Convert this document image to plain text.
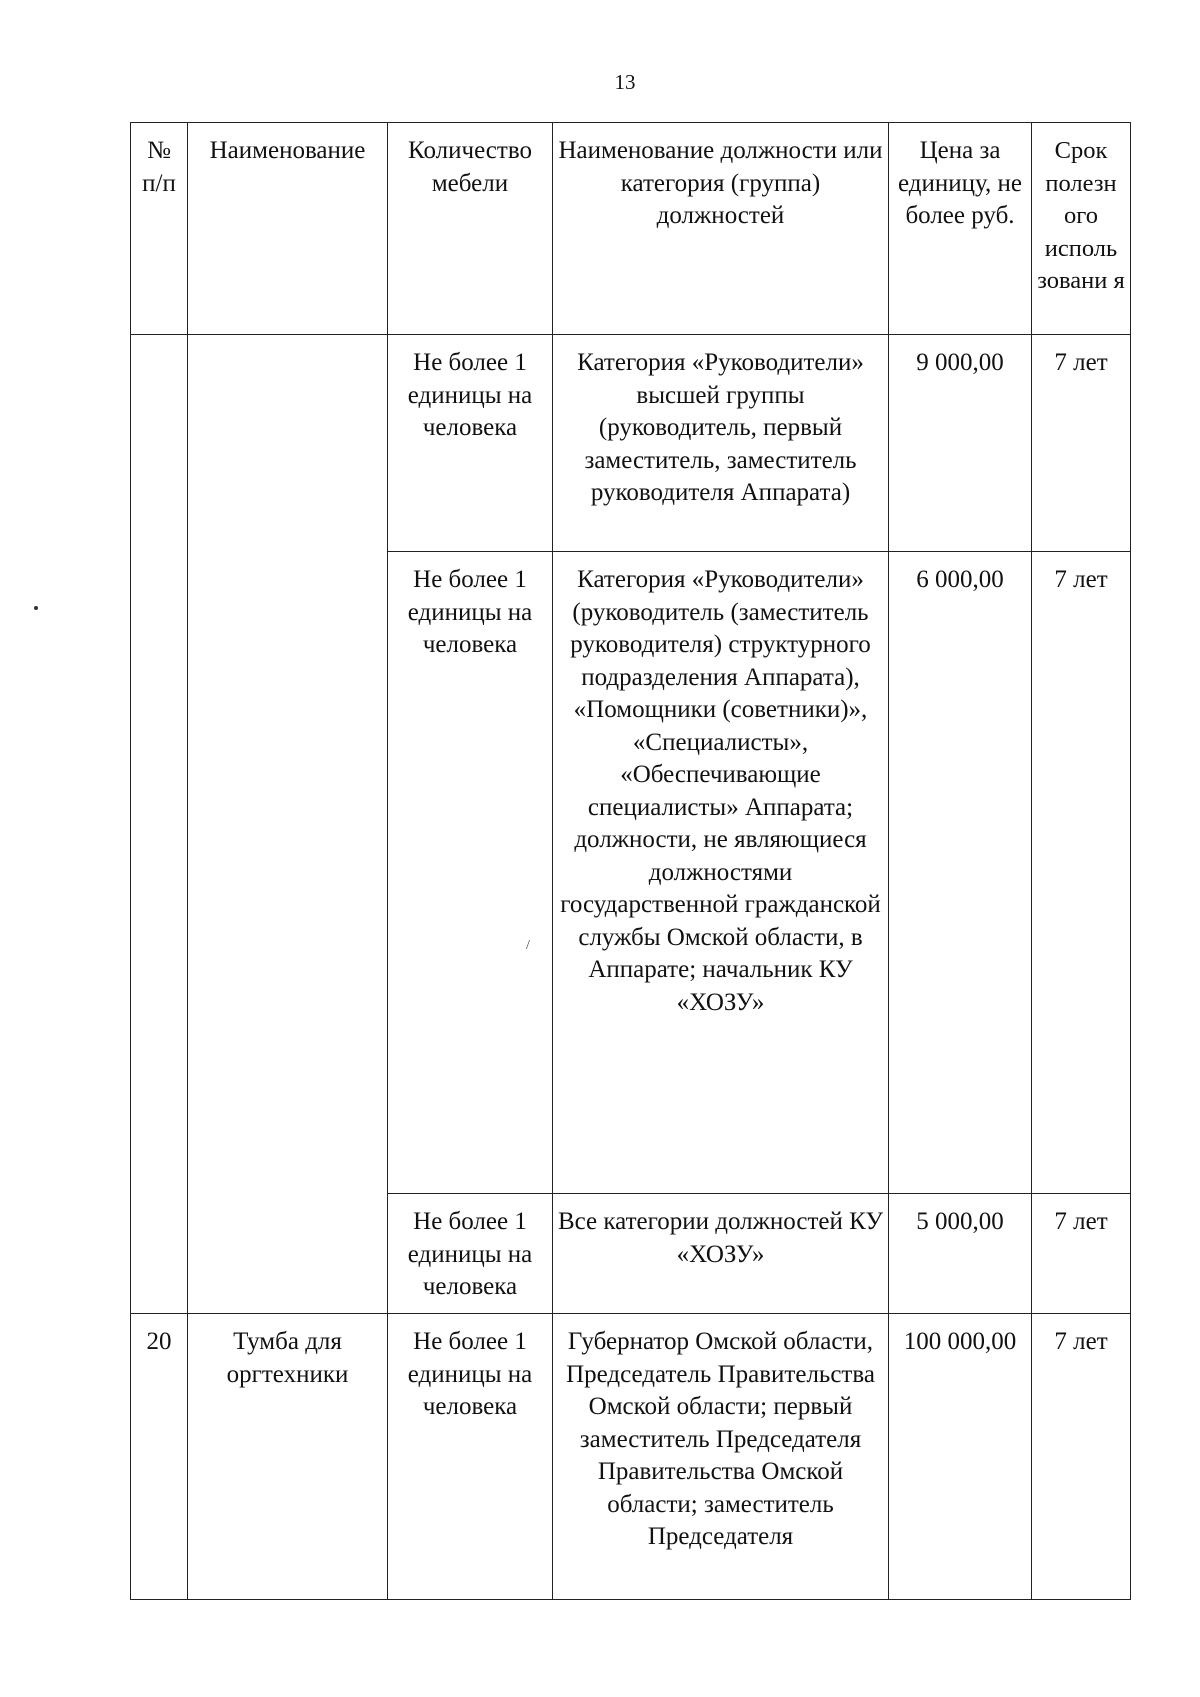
13
№ п/п	Наименование	Количество мебели	Наименование должности или категория (группа) должностей	Цена за единицу, не более руб.	Срок полезн ого исполь зовани я
		Не более 1 единицы на человека	Категория «Руководители» высшей группы (руководитель, первый заместитель, заместитель руководителя Аппарата)	9 000,00	7 лет
		Не более 1 единицы на человека	Категория «Руководители» (руководитель (заместитель руководителя) структурного подразделения Аппарата), «Помощники (советники)», «Специалисты», «Обеспечивающие специалисты» Аппарата; должности, не являющиеся должностями государственной гражданской службы Омской области, в Аппарате; начальник КУ «ХОЗУ»	6 000,00	7 лет
		Не более 1 единицы на человека	Все категории должностей КУ «ХОЗУ»	5 000,00	7 лет
20	Тумба для оргтехники	Не более 1 единицы на человека	Губернатор Омской области, Председатель Правительства Омской области; первый заместитель Председателя Правительства Омской области; заместитель Председателя	100 000,00	7 лет
/
